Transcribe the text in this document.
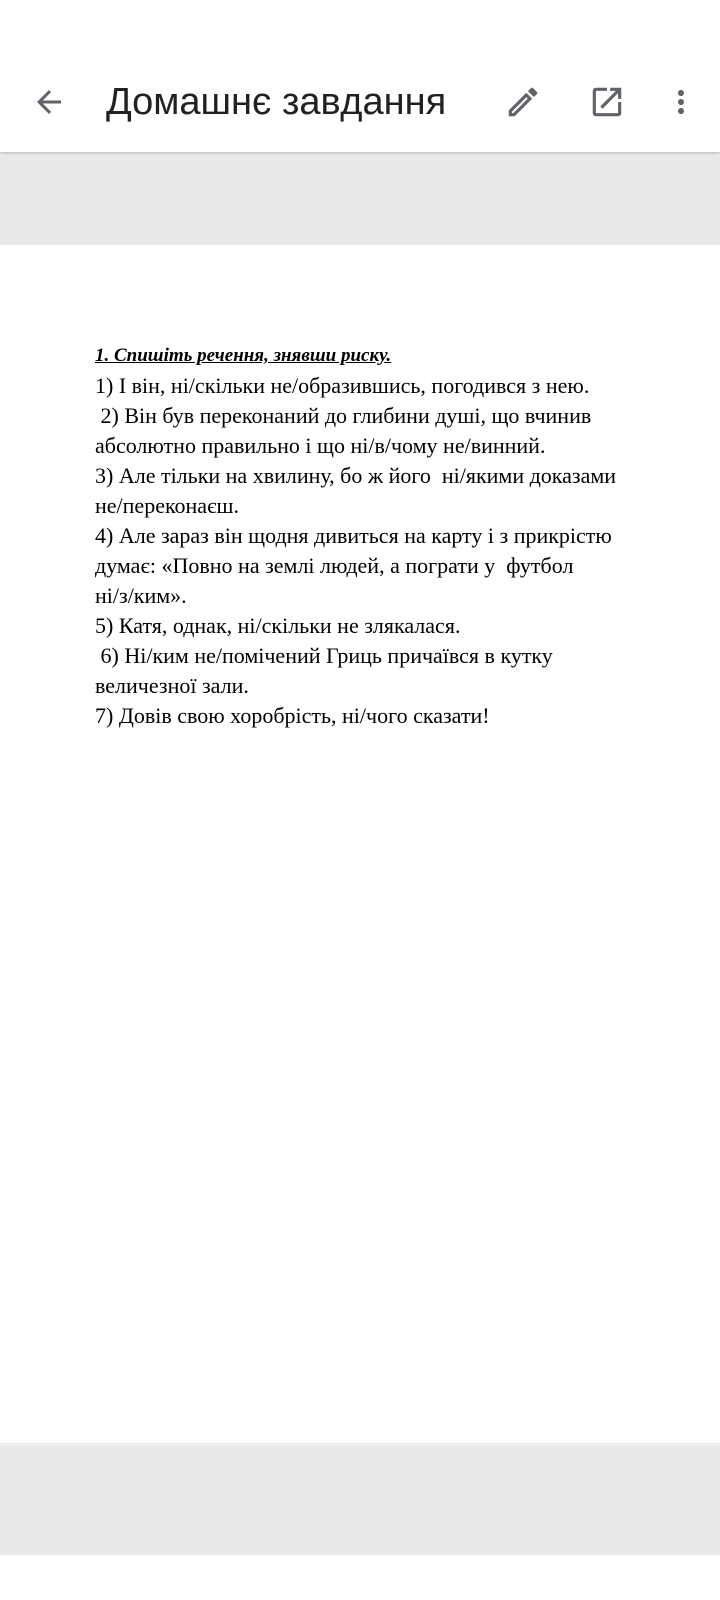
Домашнє завдання
1. Спишіть речення, знявши риску.
1) І він, ні/скільки не/образившись, погодився з нею.
2) Він був переконаний до глибини душі, що вчинив
абсолютно правильно і що ні/в/чому не/винний.
3) Але тільки на хвилину, бо ж його  ні/якими доказами
не/переконаєш.
4) Але зараз він щодня дивиться на карту і з прикрістю
думає: «Повно на землі людей, а пограти у  футбол
ні/з/ким».
5) Катя, однак, ні/скільки не злякалася.
6) Ні/ким не/помічений Гриць причаївся в кутку
величезної зали.
7) Довів свою хоробрість, ні/чого сказати!
